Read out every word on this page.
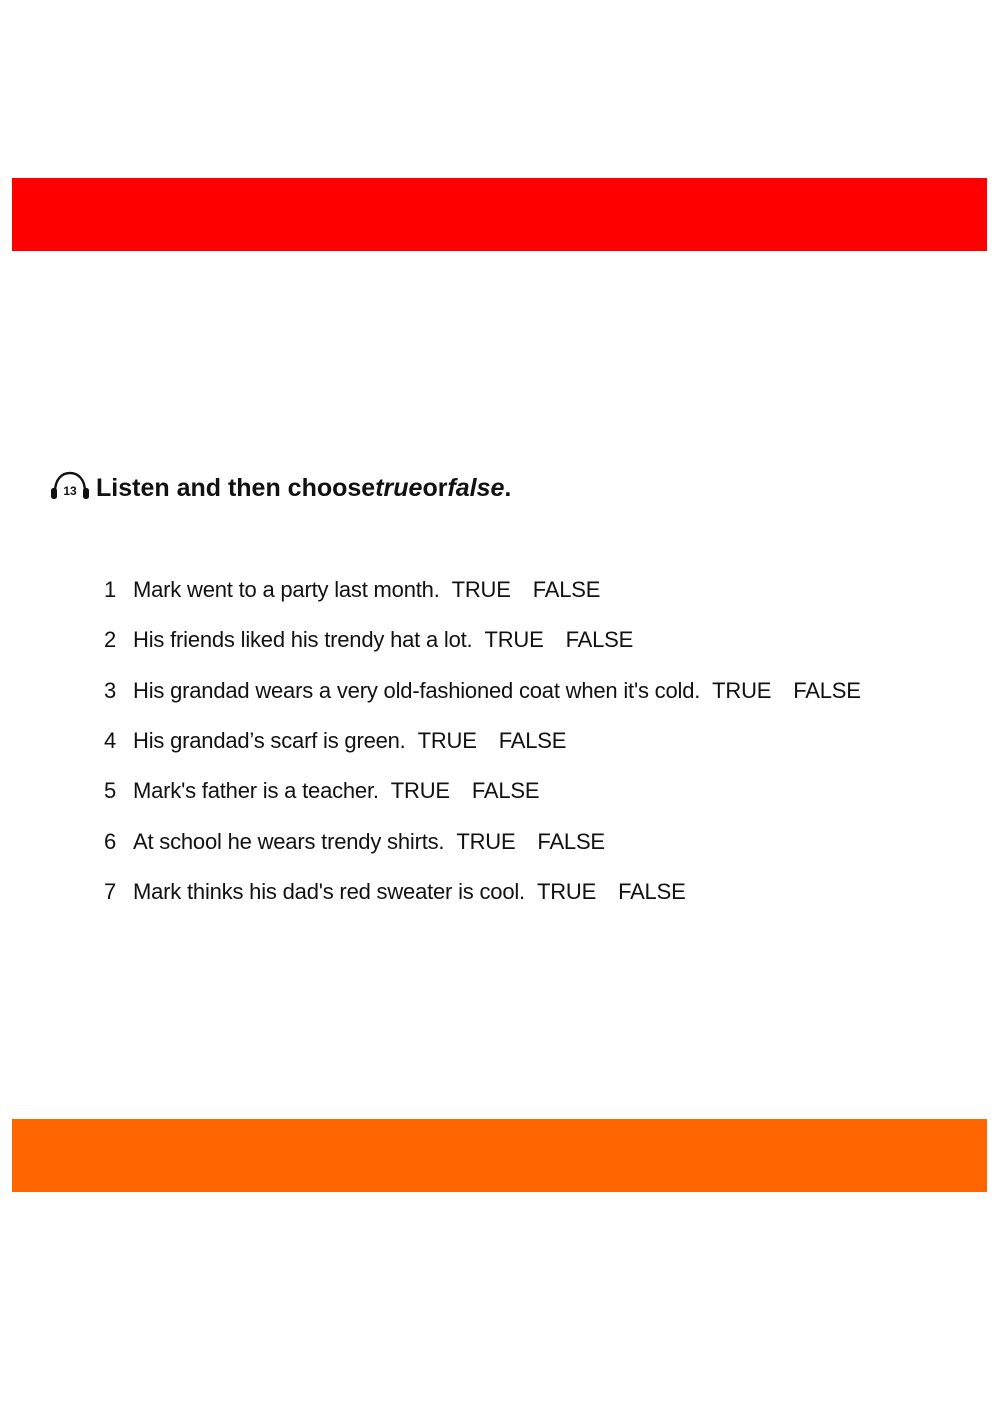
13 Listen and then choose true or false .
1 Mark went to a party last month. TRUE FALSE
2 His friends liked his trendy hat a lot. TRUE FALSE
3 His grandad wears a very old-fashioned coat when it's cold. TRUE FALSE
4 His grandad’s scarf is green. TRUE FALSE
5 Mark's father is a teacher. TRUE FALSE
6 At school he wears trendy shirts. TRUE FALSE
7 Mark thinks his dad's red sweater is cool. TRUE FALSE
